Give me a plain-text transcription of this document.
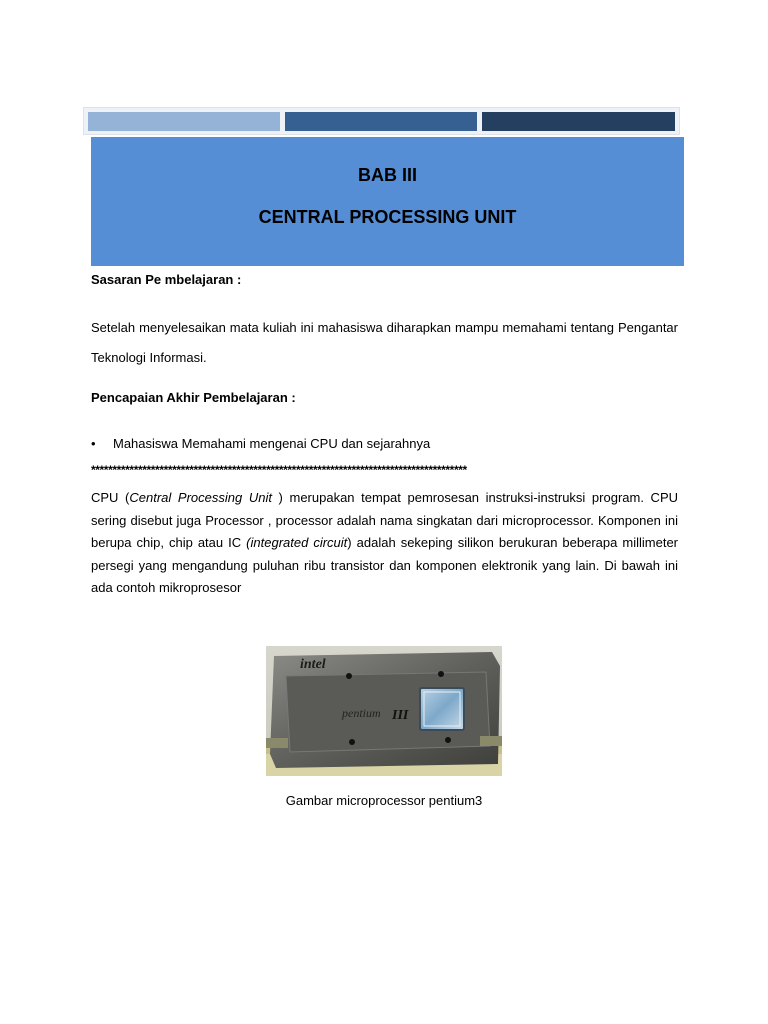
BAB III
CENTRAL PROCESSING UNIT
Sasaran Pe mbelajaran :
Setelah menyelesaikan mata kuliah ini mahasiswa diharapkan mampu memahami tentang Pengantar Teknologi Informasi.
Pencapaian Akhir Pembelajaran :
• Mahasiswa Memahami mengenai CPU dan sejarahnya
****************************************************************************************
CPU (Central Processing Unit ) merupakan tempat pemrosesan instruksi-instruksi program. CPU sering disebut juga Processor , processor adalah nama singkatan dari microprocessor. Komponen ini berupa chip, chip atau IC (integrated circuit) adalah sekeping silikon berukuran beberapa millimeter persegi yang mengandung puluhan ribu transistor dan komponen elektronik yang lain. Di bawah ini ada contoh mikroprosesor
intel
pentium III
Gambar microprocessor pentium3
